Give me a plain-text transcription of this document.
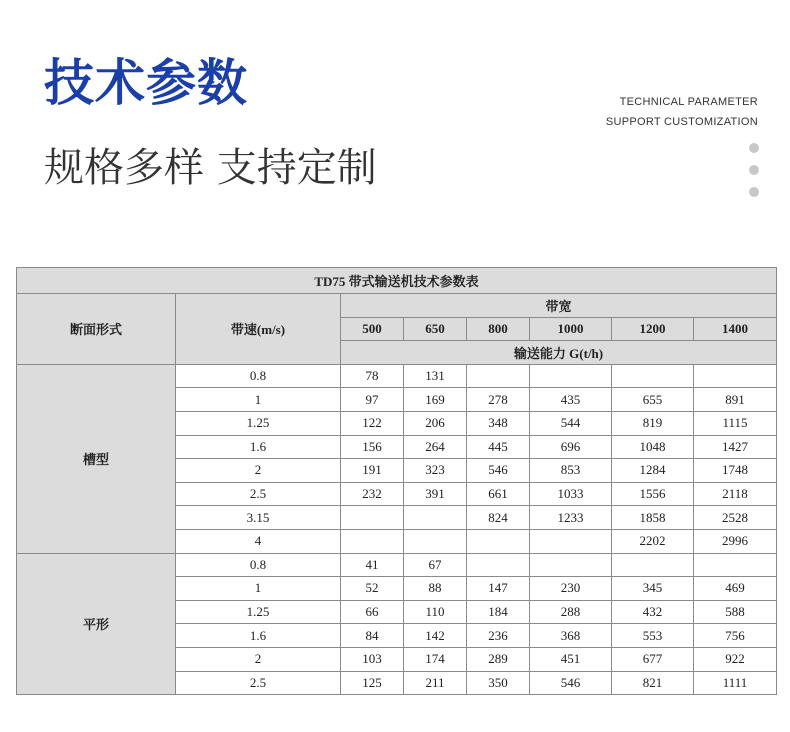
技术参数
规格多样 支持定制
TECHNICAL PARAMETER
SUPPORT CUSTOMIZATION
TD75 带式输送机技术参数表							
断面形式	带速(m/s)	带宽					
		500	650	800	1000	1200	1400
		输送能力 G(t/h)					
槽型	0.8	78	131				
	1	97	169	278	435	655	891
	1.25	122	206	348	544	819	1115
	1.6	156	264	445	696	1048	1427
	2	191	323	546	853	1284	1748
	2.5	232	391	661	1033	1556	2118
	3.15			824	1233	1858	2528
	4					2202	2996
平形	0.8	41	67				
	1	52	88	147	230	345	469
	1.25	66	110	184	288	432	588
	1.6	84	142	236	368	553	756
	2	103	174	289	451	677	922
	2.5	125	211	350	546	821	1111
